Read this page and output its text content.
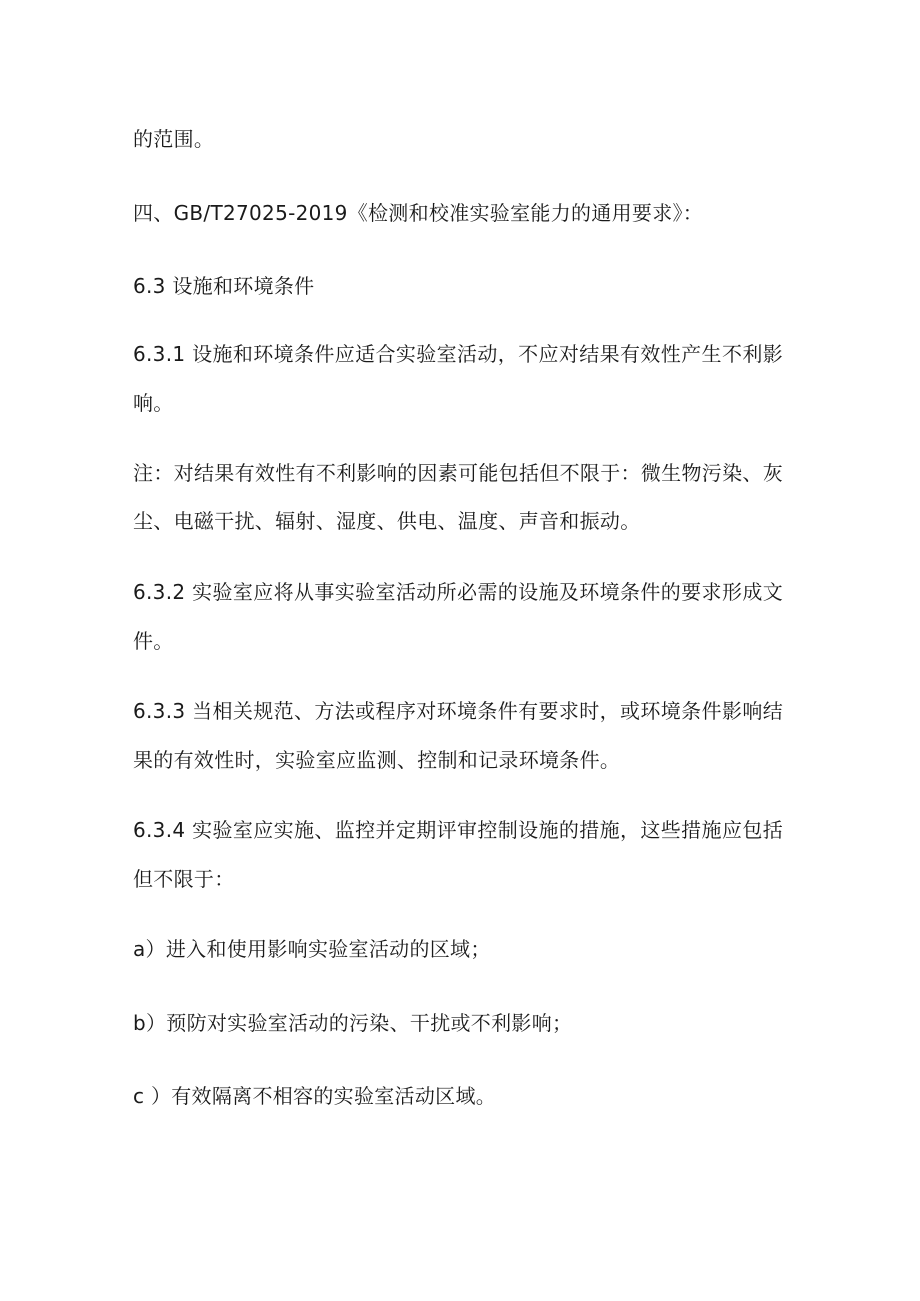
的范围。
四、GB/T27025-2019《检测和校准实验室能力的通用要求》：
6.3 设施和环境条件
6.3.1 设施和环境条件应适合实验室活动，不应对结果有效性产生不利影
响。
注：对结果有效性有不利影响的因素可能包括但不限于：微生物污染、灰
尘、电磁干扰、辐射、湿度、供电、温度、声音和振动。
6.3.2 实验室应将从事实验室活动所必需的设施及环境条件的要求形成文
件。
6.3.3 当相关规范、方法或程序对环境条件有要求时，或环境条件影响结
果的有效性时，实验室应监测、控制和记录环境条件。
6.3.4 实验室应实施、监控并定期评审控制设施的措施，这些措施应包括
但不限于：
a）进入和使用影响实验室活动的区域；
b）预防对实验室活动的污染、干扰或不利影响；
c ）有效隔离不相容的实验室活动区域。
